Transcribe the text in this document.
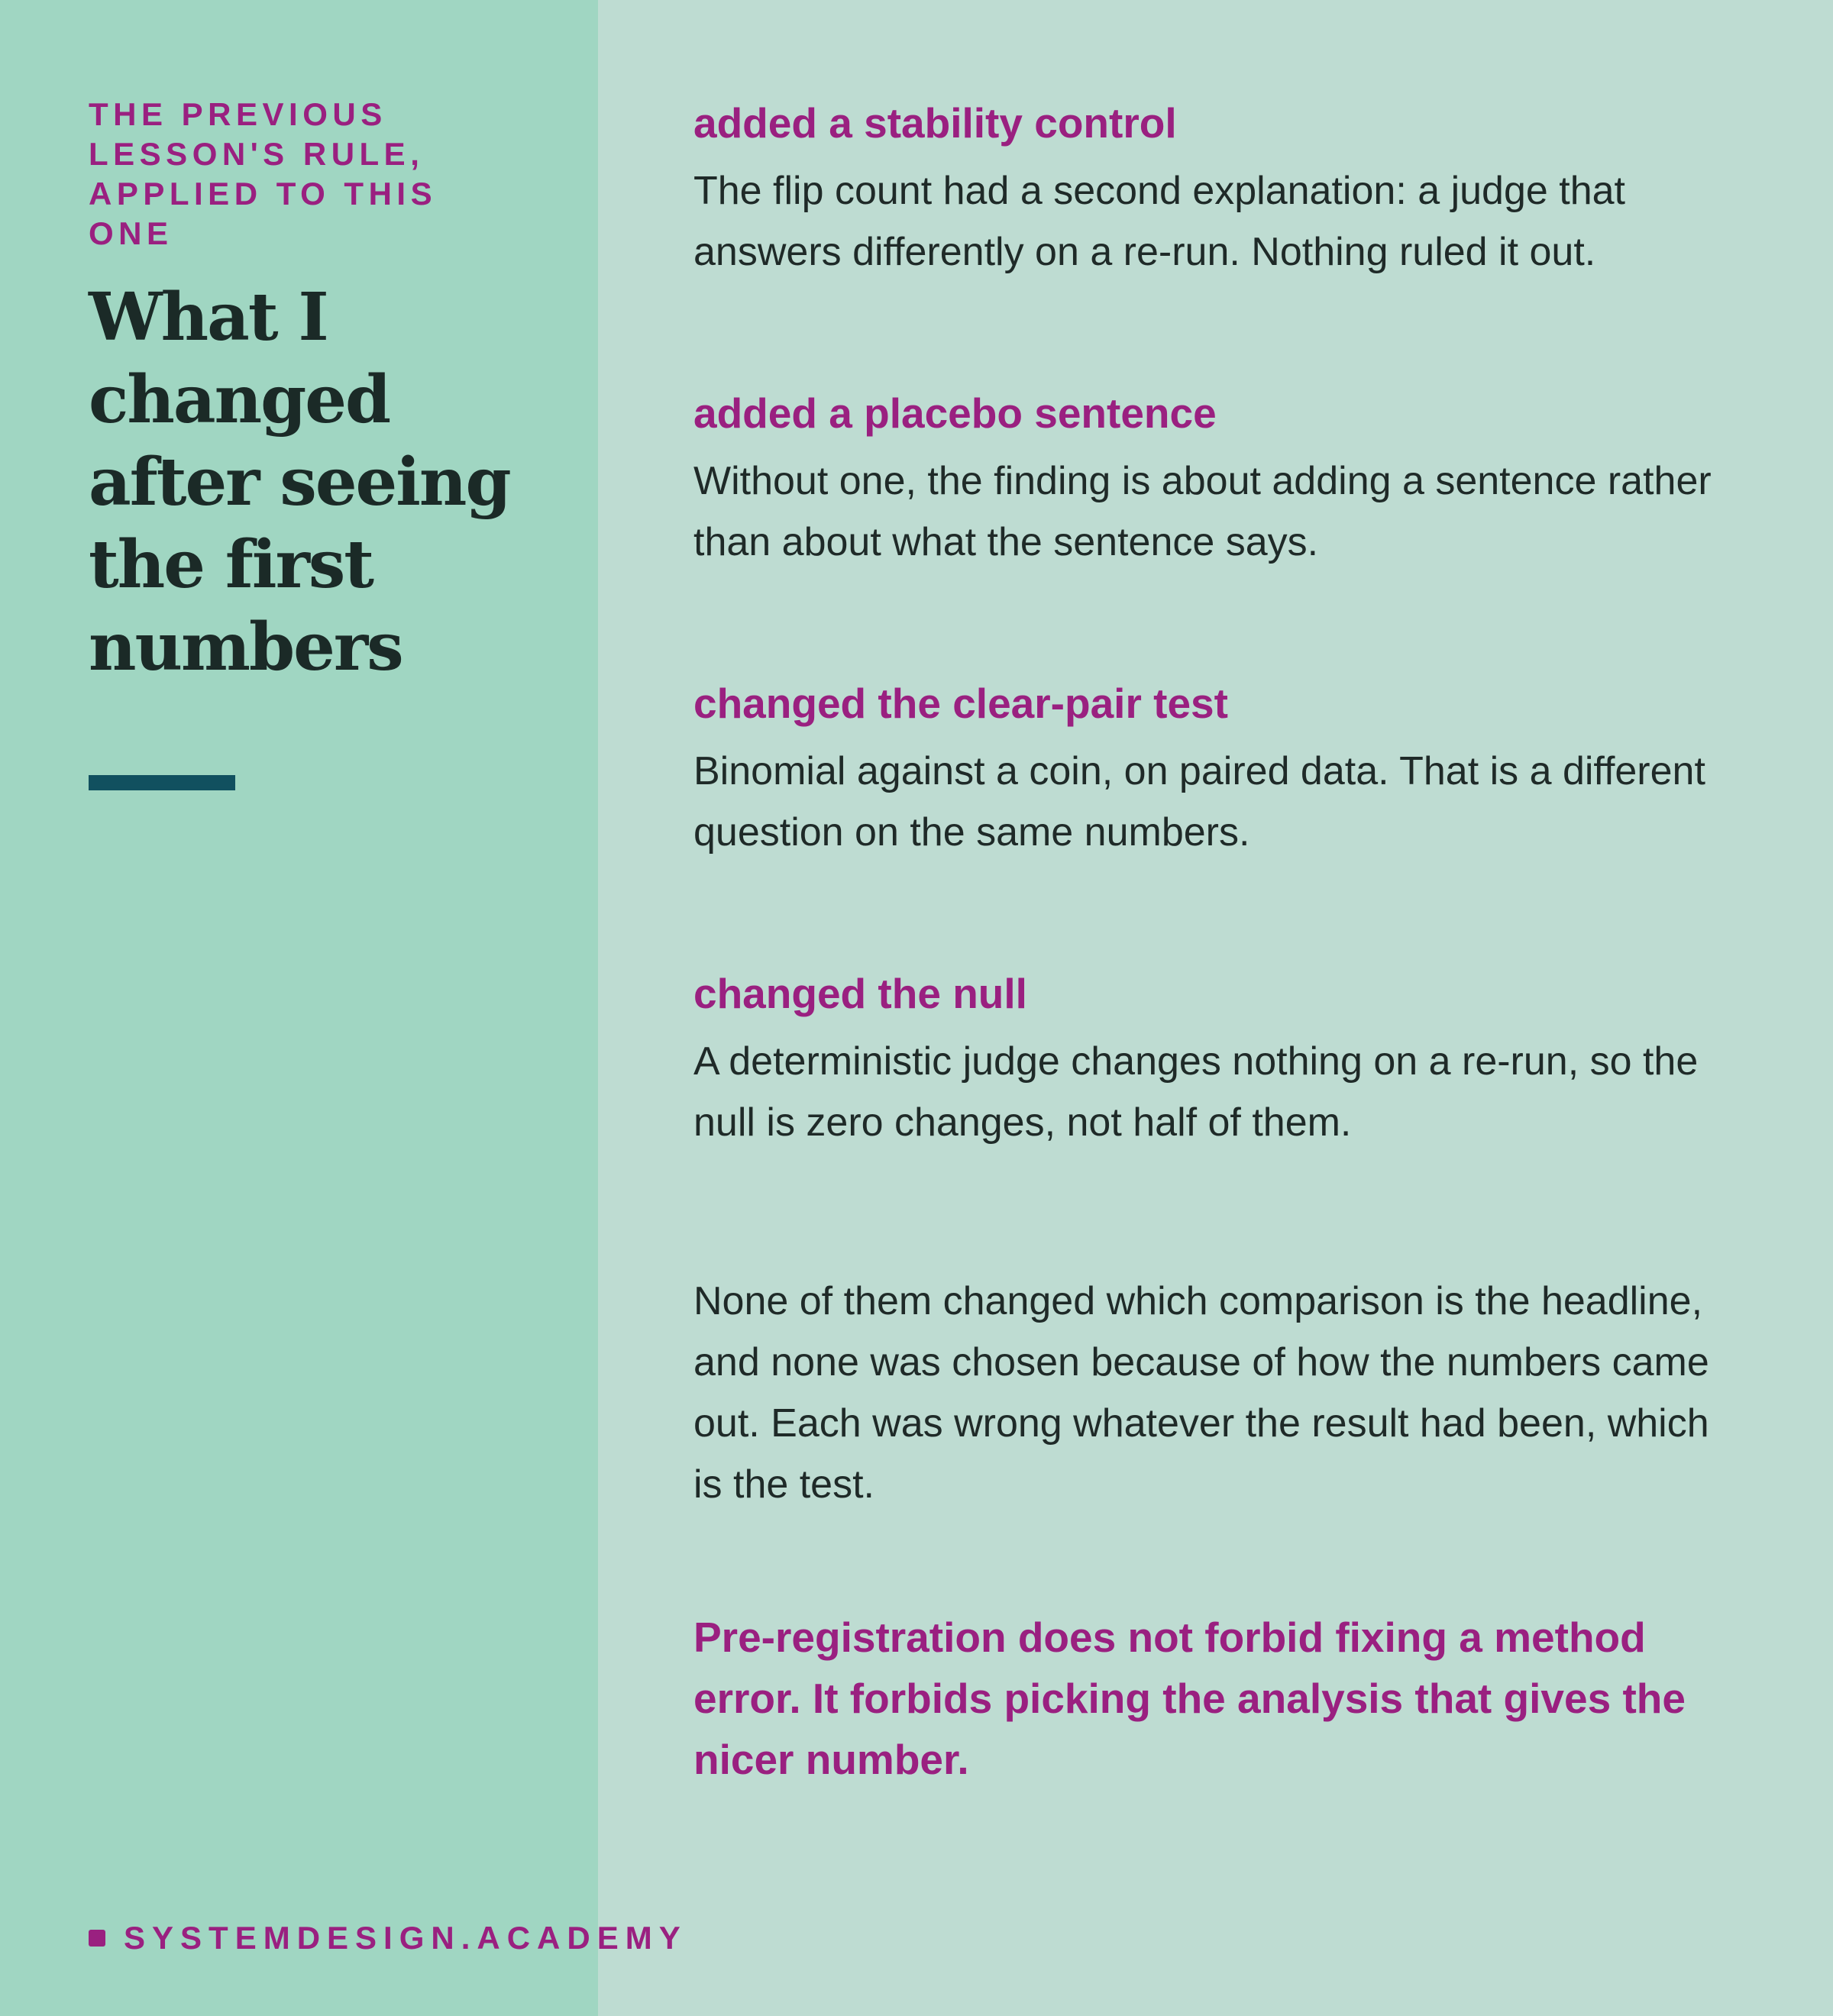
THE PREVIOUS LESSON'S RULE, APPLIED TO THIS ONE

What I changed after seeing the first numbers
added a stability control

The flip count had a second explanation: a judge that answers differently on a re-run. Nothing ruled it out.

added a placebo sentence

Without one, the finding is about adding a sentence rather than about what the sentence says.

changed the clear-pair test

Binomial against a coin, on paired data. That is a different question on the same numbers.

changed the null

A deterministic judge changes nothing on a re-run, so the null is zero changes, not half of them.

None of them changed which comparison is the headline, and none was chosen because of how the numbers came out. Each was wrong whatever the result had been, which is the test.

Pre-registration does not forbid fixing a method error. It forbids picking the analysis that gives the nicer number.

SYSTEMDESIGN.ACADEMY
